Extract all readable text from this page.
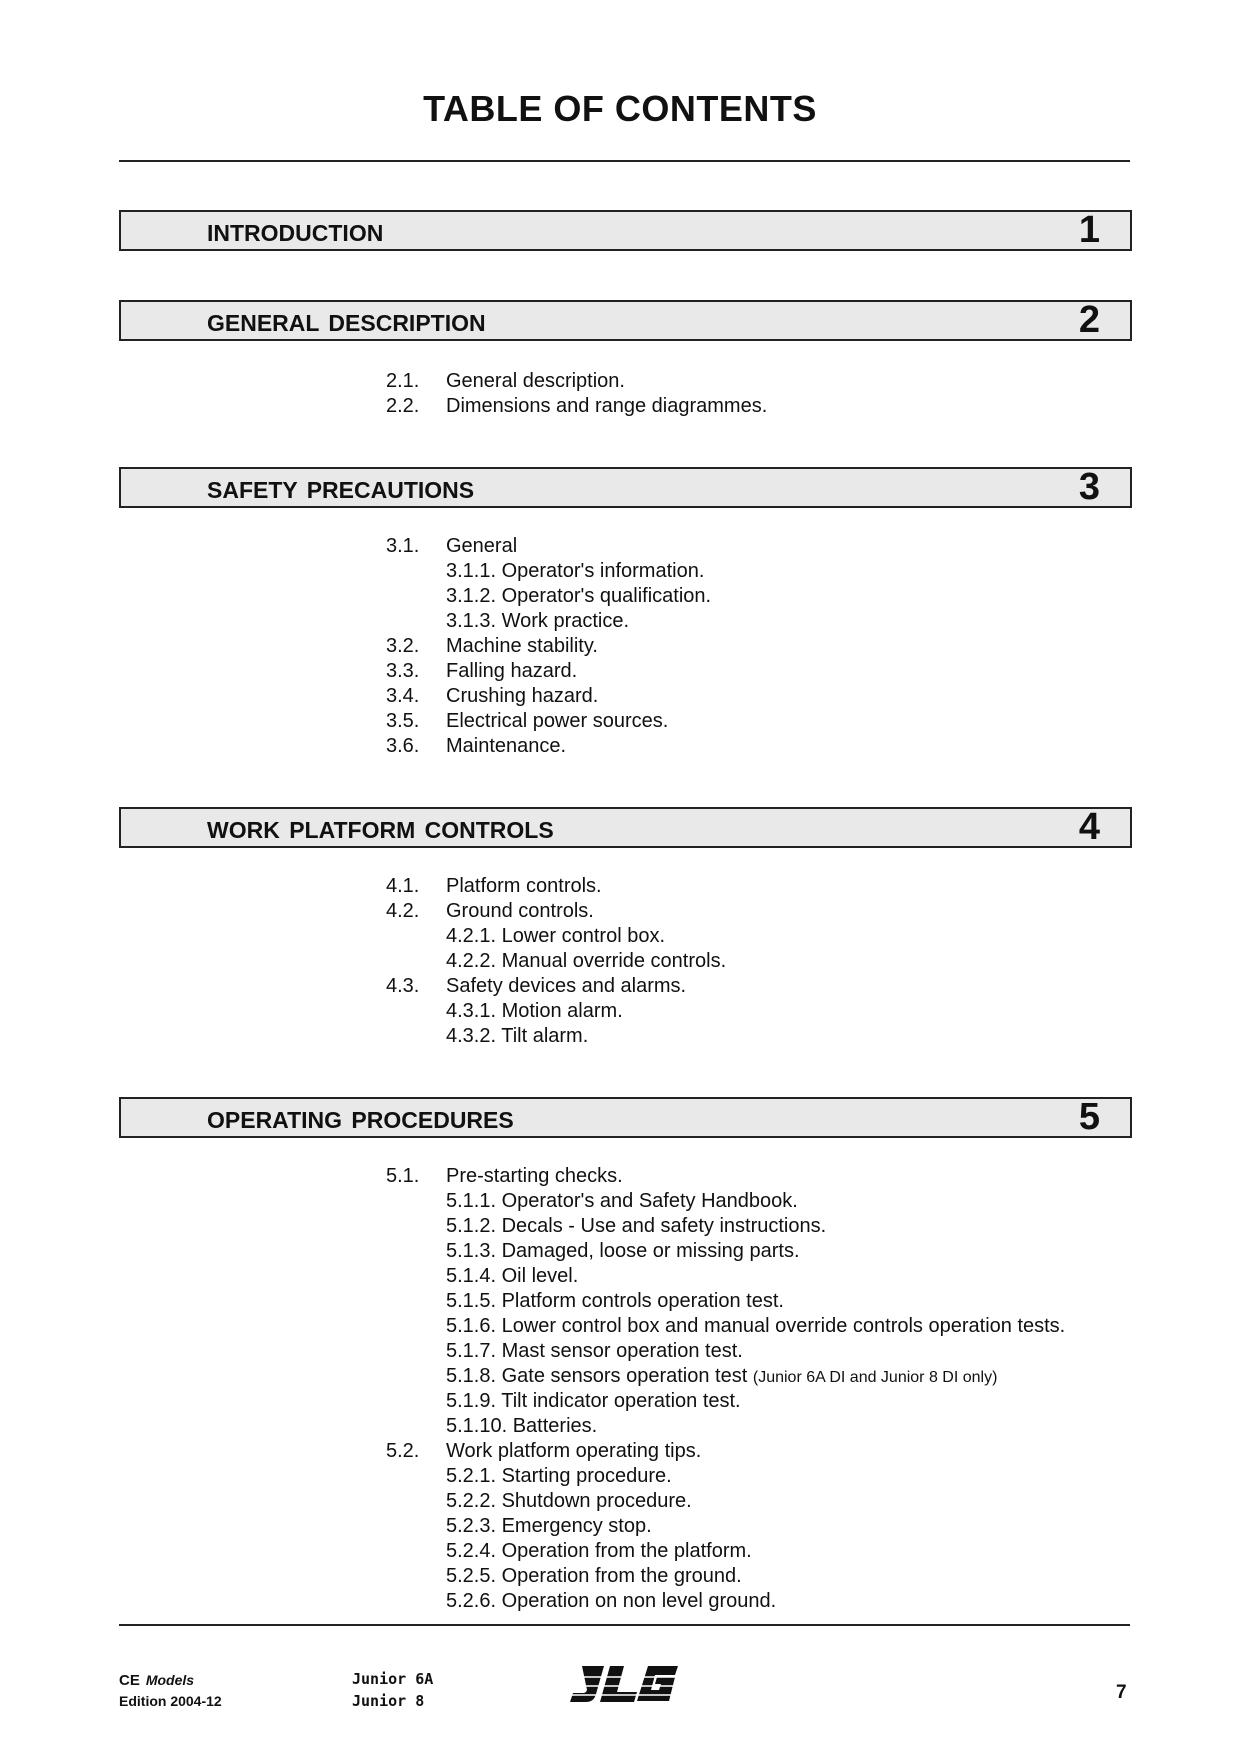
TABLE OF CONTENTS
INTRODUCTION	1
GENERAL DESCRIPTION	2
2.1. General description.
2.2. Dimensions and range diagrammes.
SAFETY PRECAUTIONS	3
3.1. General
3.1.1. Operator's information.
3.1.2. Operator's qualification.
3.1.3. Work practice.
3.2. Machine stability.
3.3. Falling hazard.
3.4. Crushing hazard.
3.5. Electrical power sources.
3.6. Maintenance.
WORK PLATFORM CONTROLS	4
4.1. Platform controls.
4.2. Ground controls.
4.2.1. Lower control box.
4.2.2. Manual override controls.
4.3. Safety devices and alarms.
4.3.1. Motion alarm.
4.3.2. Tilt alarm.
OPERATING PROCEDURES	5
5.1. Pre-starting checks.
5.1.1. Operator's and Safety Handbook.
5.1.2. Decals - Use and safety instructions.
5.1.3. Damaged, loose or missing parts.
5.1.4. Oil level.
5.1.5. Platform controls operation test.
5.1.6. Lower control box and manual override controls operation tests.
5.1.7. Mast sensor operation test.
5.1.8. Gate sensors operation test (Junior 6A DI and Junior 8 DI only)
5.1.9. Tilt indicator operation test.
5.1.10. Batteries.
5.2. Work platform operating tips.
5.2.1. Starting procedure.
5.2.2. Shutdown procedure.
5.2.3. Emergency stop.
5.2.4. Operation from the platform.
5.2.5. Operation from the ground.
5.2.6. Operation on non level ground.
CE Models
Edition 2004-12
Junior 6A
Junior 8	7
